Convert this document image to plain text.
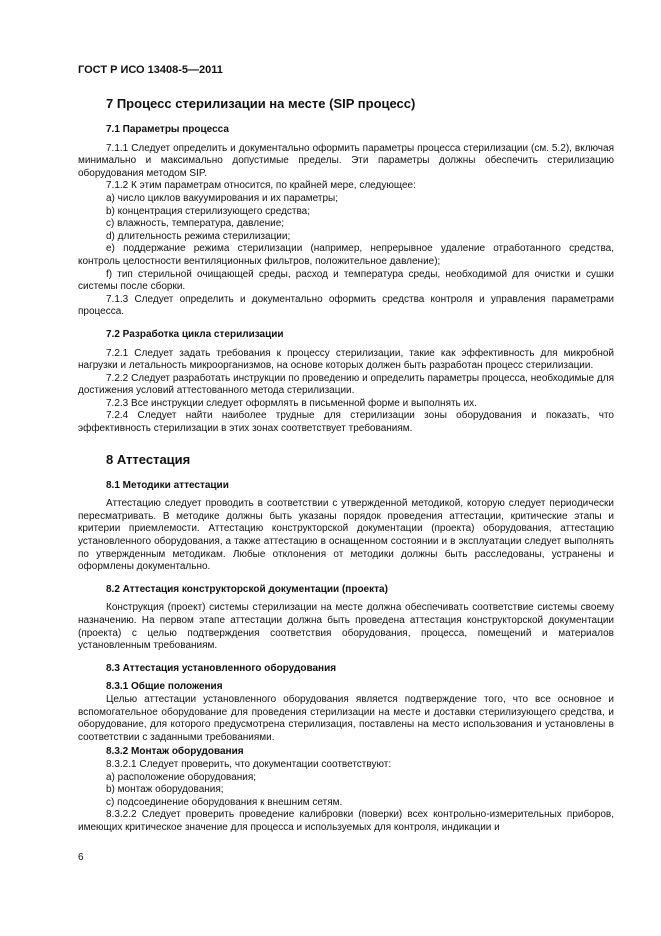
ГОСТ Р ИСО 13408-5—2011
7 Процесс стерилизации на месте (SIP процесс)
7.1 Параметры процесса

7.1.1 Следует определить и документально оформить параметры процесса стерилизации (см. 5.2), включая минимально и максимально допустимые пределы. Эти параметры должны обеспечить стерилизацию оборудования методом SIP.

7.1.2 К этим параметрам относится, по крайней мере, следующее:

а) число циклов вакуумирования и их параметры;

b) концентрация стерилизующего средства;

с) влажность, температура, давление;

d) длительность режима стерилизации;

е) поддержание режима стерилизации (например, непрерывное удаление отработанного средства, контроль целостности вентиляционных фильтров, положительное давление);

f) тип стерильной очищающей среды, расход и температура среды, необходимой для очистки и сушки системы после сборки.

7.1.3 Следует определить и документально оформить средства контроля и управления параметрами процесса.

7.2 Разработка цикла стерилизации

7.2.1 Следует задать требования к процессу стерилизации, такие как эффективность для микробной нагрузки и летальность микроорганизмов, на основе которых должен быть разработан процесс стерилизации.

7.2.2 Следует разработать инструкции по проведению и определить параметры процесса, необходимые для достижения условий аттестованного метода стерилизации.

7.2.3 Все инструкции следует оформлять в письменной форме и выполнять их.

7.2.4 Следует найти наиболее трудные для стерилизации зоны оборудования и показать, что эффективность стерилизации в этих зонах соответствует требованиям.

8 Аттестация
8.1 Методики аттестации

Аттестацию следует проводить в соответствии с утвержденной методикой, которую следует периодически пересматривать. В методике должны быть указаны порядок проведения аттестации, критические этапы и критерии приемлемости. Аттестацию конструкторской документации (проекта) оборудования, аттестацию установленного оборудования, а также аттестацию в оснащенном состоянии и в эксплуатации следует выполнять по утвержденным методикам. Любые отклонения от методики должны быть расследованы, устранены и оформлены документально.

8.2 Аттестация конструкторской документации (проекта)

Конструкция (проект) системы стерилизации на месте должна обеспечивать соответствие системы своему назначению. На первом этапе аттестации должна быть проведена аттестация конструкторской документации (проекта) с целью подтверждения соответствия оборудования, процесса, помещений и материалов установленным требованиям.

8.3 Аттестация установленного оборудования
8.3.1 Общие положения

Целью аттестации установленного оборудования является подтверждение того, что все основное и вспомогательное оборудование для проведения стерилизации на месте и доставки стерилизующего средства, и оборудование, для которого предусмотрена стерилизация, поставлены на место использования и установлены в соответствии с заданными требованиями.

8.3.2 Монтаж оборудования

8.3.2.1 Следует проверить, что документации соответствуют:

а) расположение оборудования;

b) монтаж оборудования;

с) подсоединение оборудования к внешним сетям.

8.3.2.2 Следует проверить проведение калибровки (поверки) всех контрольно-измерительных приборов, имеющих критическое значение для процесса и используемых для контроля, индикации и

6
